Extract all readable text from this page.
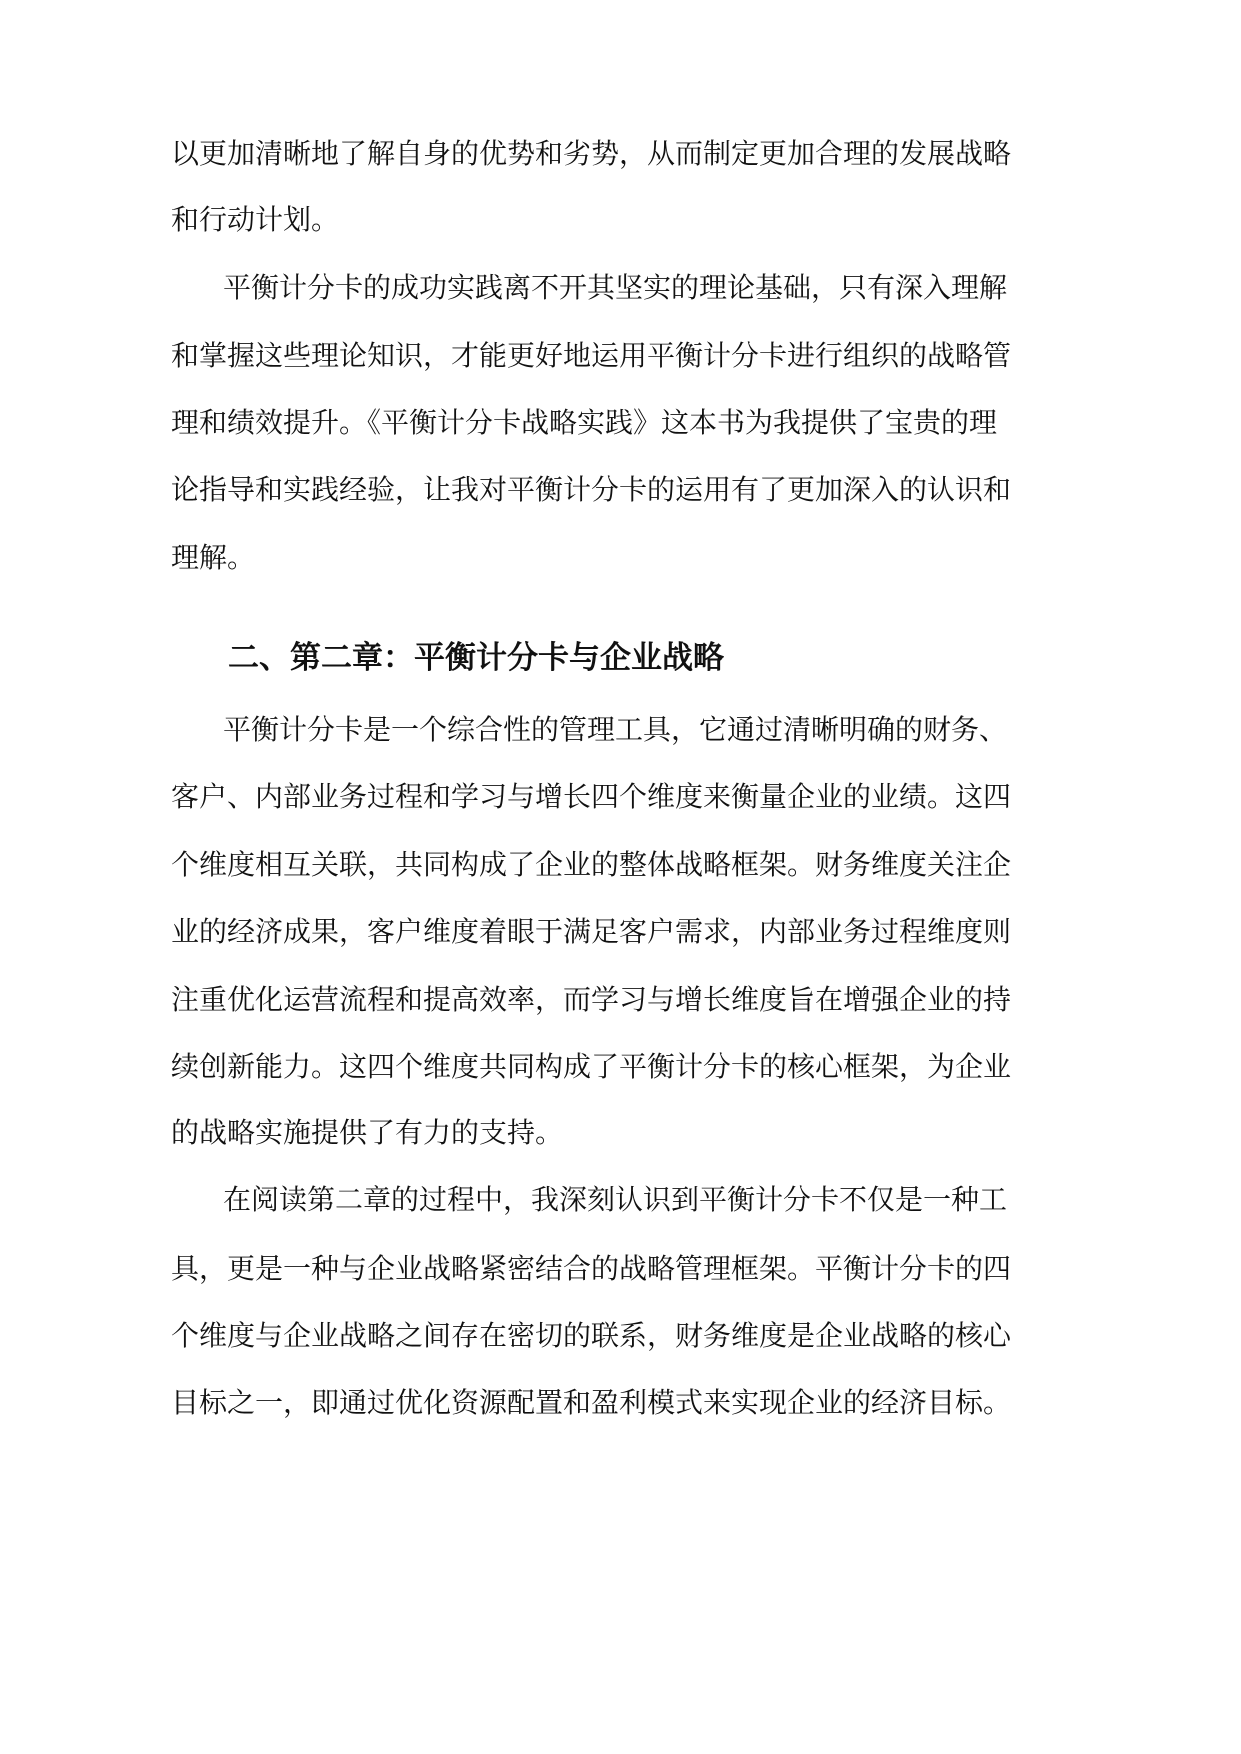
以更加清晰地了解自身的优势和劣势，从而制定更加合理的发展战略
和行动计划。
平衡计分卡的成功实践离不开其坚实的理论基础，只有深入理解
和掌握这些理论知识，才能更好地运用平衡计分卡进行组织的战略管
理和绩效提升。《平衡计分卡战略实践》这本书为我提供了宝贵的理
论指导和实践经验，让我对平衡计分卡的运用有了更加深入的认识和
理解。
二、第二章：平衡计分卡与企业战略
平衡计分卡是一个综合性的管理工具，它通过清晰明确的财务、
客户、内部业务过程和学习与增长四个维度来衡量企业的业绩。这四
个维度相互关联，共同构成了企业的整体战略框架。财务维度关注企
业的经济成果，客户维度着眼于满足客户需求，内部业务过程维度则
注重优化运营流程和提高效率，而学习与增长维度旨在增强企业的持
续创新能力。这四个维度共同构成了平衡计分卡的核心框架，为企业
的战略实施提供了有力的支持。
在阅读第二章的过程中，我深刻认识到平衡计分卡不仅是一种工
具，更是一种与企业战略紧密结合的战略管理框架。平衡计分卡的四
个维度与企业战略之间存在密切的联系，财务维度是企业战略的核心
目标之一，即通过优化资源配置和盈利模式来实现企业的经济目标。
